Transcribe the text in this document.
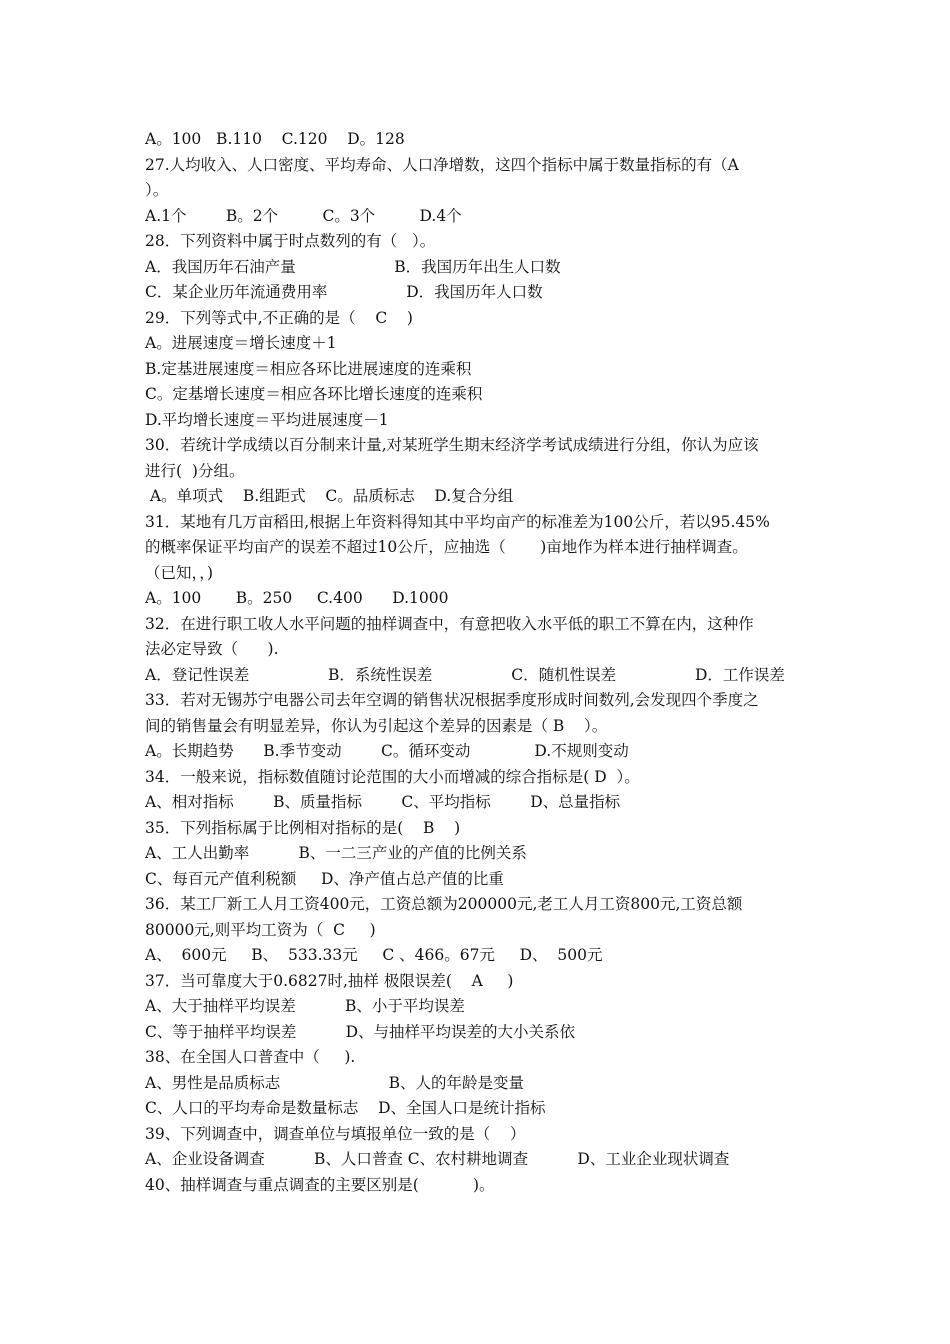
A。100   B.110    C.120    D。128
27.人均收入、人口密度、平均寿命、人口净增数，这四个指标中属于数量指标的有（A
）。
A.1个        B。2个         C。3个         D.4个
28．下列资料中属于时点数列的有（   ）。
A．我国历年石油产量                    B．我国历年出生人口数
C．某企业历年流通费用率                D．我国历年人口数
29．下列等式中,不正确的是（    C    )
A。进展速度＝增长速度＋1
B.定基进展速度＝相应各环比进展速度的连乘积
C。定基增长速度＝相应各环比增长速度的连乘积
D.平均增长速度＝平均进展速度－1
30．若统计学成绩以百分制来计量,对某班学生期末经济学考试成绩进行分组，你认为应该
进行(  )分组。
A。单项式    B.组距式    C。品质标志    D.复合分组
31．某地有几万亩稻田,根据上年资料得知其中平均亩产的标准差为100公斤，若以95.45%
的概率保证平均亩产的误差不超过10公斤，应抽选（       )亩地作为样本进行抽样调查。
（已知，，)
A。100       B。250     C.400      D.1000
32．在进行职工收人水平问题的抽样调查中，有意把收入水平低的职工不算在内，这种作
法必定导致（      ).
A．登记性误差                B．系统性误差                C．随机性误差                D．工作误差
33．若对无锡苏宁电器公司去年空调的销售状况根据季度形成时间数列,会发现四个季度之
间的销售量会有明显差异，你认为引起这个差异的因素是（ B    ）。
A。长期趋势      B.季节变动        C。循环变动             D.不规则变动
34．一般来说，指标数值随讨论范围的大小而增减的综合指标是( D  ）。
A、相对指标        B、质量指标        C、平均指标        D、总量指标
35．下列指标属于比例相对指标的是(    B    )
A、工人出勤率          B、一二三产业的产值的比例关系
C、每百元产值利税额     D、净产值占总产值的比重
36．某工厂新工人月工资400元，工资总额为200000元,老工人月工资800元,工资总额
80000元,则平均工资为（  C     )
A、  600元     B、  533.33元     C 、466。67元     D、  500元
37．当可靠度大于0.6827时,抽样 极限误差(    A     )
A、大于抽样平均误差          B、小于平均误差
C、等于抽样平均误差          D、与抽样平均误差的大小关系依
38、在全国人口普查中（     ).
A、男性是品质标志                      B、人的年龄是变量
C、人口的平均寿命是数量标志    D、全国人口是统计指标
39、下列调查中，调查单位与填报单位一致的是（    ）
A、企业设备调查          B、人口普查 C、农村耕地调查          D、工业企业现状调查
40、抽样调查与重点调查的主要区别是(           )。
